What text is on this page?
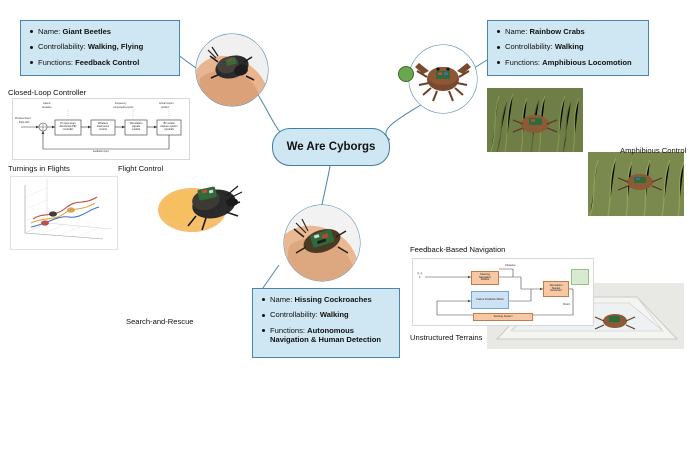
We Are Cyborgs
Name: Giant Beetles
Controllability: Walking, Flying
Functions: Feedback Control
Name: Rainbow Crabs
Controllability: Walking
Functions: Amphibious Locomotion
Name: Hissing Cockroaches
Controllability: Walking
Functions: Autonomous Navigation & Human Detection
Closed-Loop Controller
Lateral
deviation
Frequency
computed/set-point
Actual motion
position
Predetermined
flight path
PI open-loop/
directional PID
controller
Wireless
electronics
control
Stimulation
signals
module
3D motion
capture system
(optical)
feedback input
Turnings in Flights	Flight Control
Amphibious Control
Feedback-Based Navigation
Steering
Navigation
Module
Failure Prediction Block
Stimulation
Signals
Generator
Sensing System
(x, y)
θ
Obstacles
Motion
Unstructured Terrains
Search-and-Rescue
